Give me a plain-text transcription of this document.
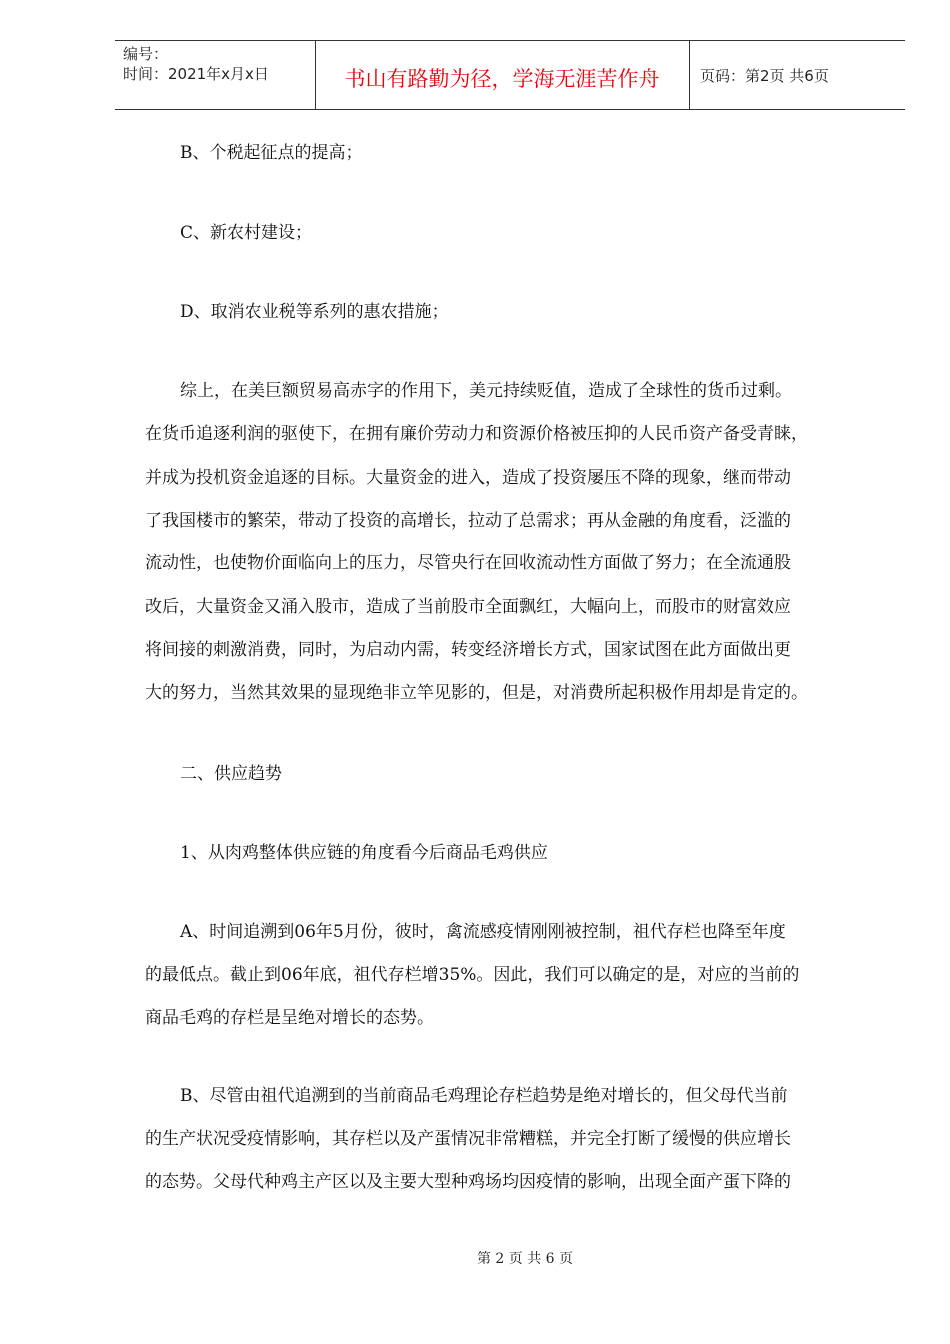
编号：
时间：2021年x月x日	书山有路勤为径，学海无涯苦作舟	页码：第2页 共6页
B、个税起征点的提高；
C、新农村建设；
D、取消农业税等系列的惠农措施；
综上，在美巨额贸易高赤字的作用下，美元持续贬值，造成了全球性的货币过剩。
在货币追逐利润的驱使下，在拥有廉价劳动力和资源价格被压抑的人民币资产备受青睐，
并成为投机资金追逐的目标。大量资金的进入，造成了投资屡压不降的现象，继而带动
了我国楼市的繁荣，带动了投资的高增长，拉动了总需求；再从金融的角度看，泛滥的
流动性，也使物价面临向上的压力，尽管央行在回收流动性方面做了努力；在全流通股
改后，大量资金又涌入股市，造成了当前股市全面飘红，大幅向上，而股市的财富效应
将间接的刺激消费，同时，为启动内需，转变经济增长方式，国家试图在此方面做出更
大的努力，当然其效果的显现绝非立竿见影的，但是，对消费所起积极作用却是肯定的。
二、供应趋势
1、从肉鸡整体供应链的角度看今后商品毛鸡供应
A、时间追溯到06年5月份，彼时，禽流感疫情刚刚被控制，祖代存栏也降至年度
的最低点。截止到06年底，祖代存栏增35%。因此，我们可以确定的是，对应的当前的
商品毛鸡的存栏是呈绝对增长的态势。
B、尽管由祖代追溯到的当前商品毛鸡理论存栏趋势是绝对增长的，但父母代当前
的生产状况受疫情影响，其存栏以及产蛋情况非常糟糕，并完全打断了缓慢的供应增长
的态势。父母代种鸡主产区以及主要大型种鸡场均因疫情的影响，出现全面产蛋下降的
第 2 页 共 6 页
